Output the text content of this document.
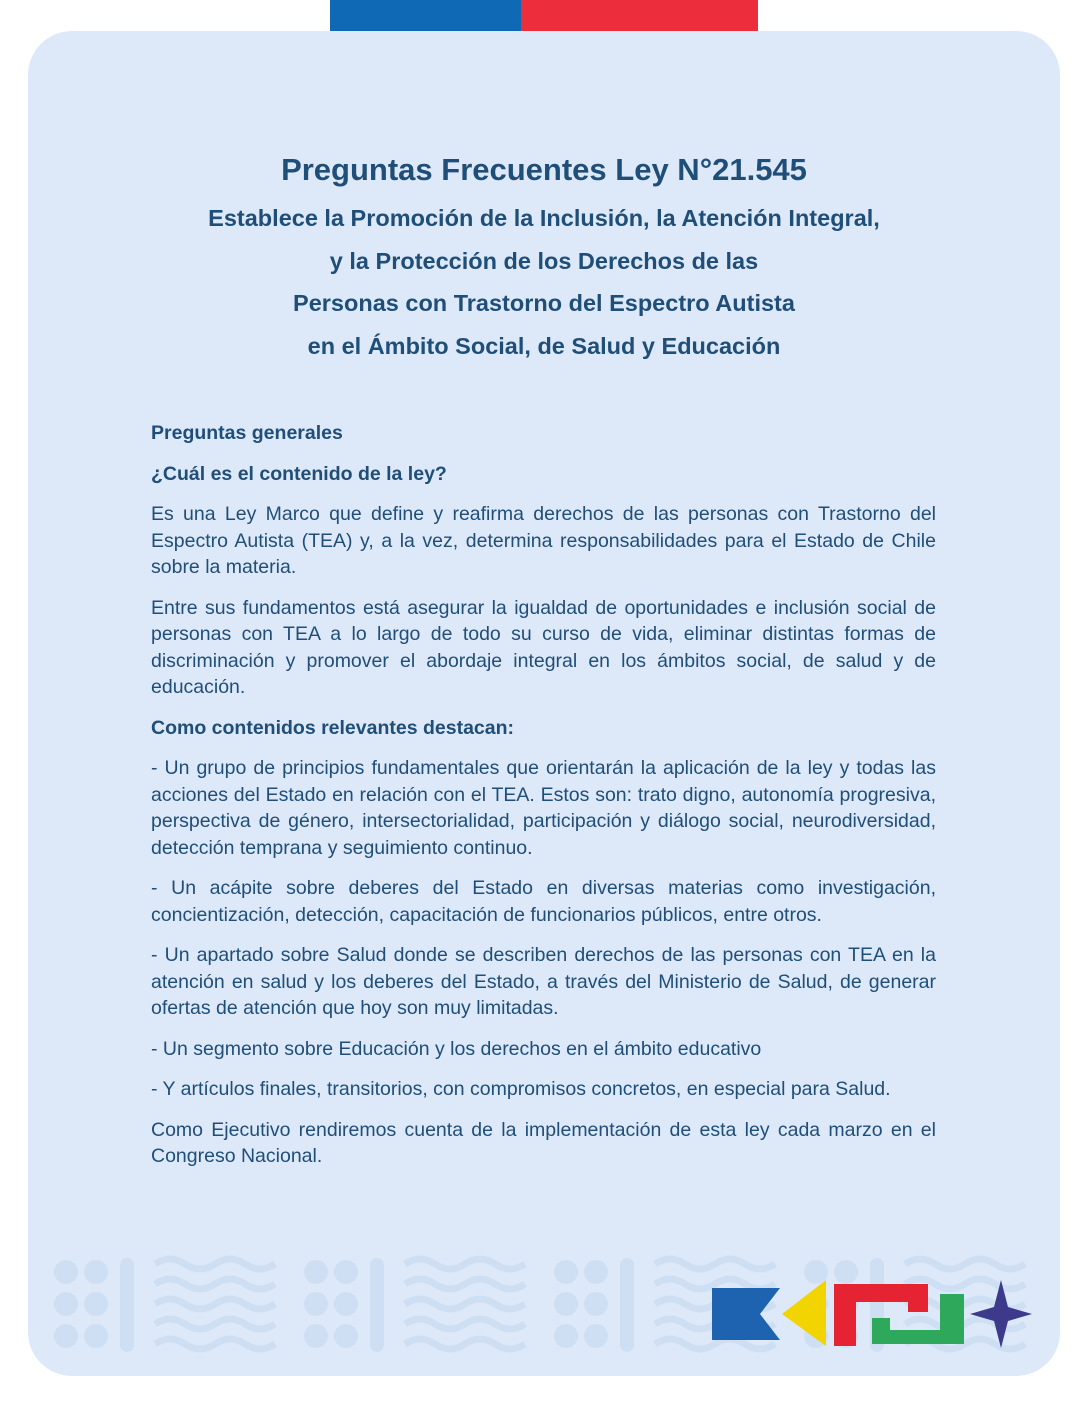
Preguntas Frecuentes Ley N°21.545
Establece la Promoción de la Inclusión, la Atención Integral,
y la Protección de los Derechos de las
Personas con Trastorno del Espectro Autista
en el Ámbito Social, de Salud y Educación

Preguntas generales

¿Cuál es el contenido de la ley?

Es una Ley Marco que define y reafirma derechos de las personas con Trastorno del Espectro Autista (TEA) y, a la vez, determina responsabilidades para el Estado de Chile sobre la materia.

Entre sus fundamentos está asegurar la igualdad de oportunidades e inclusión social de personas con TEA a lo largo de todo su curso de vida, eliminar distintas formas de discriminación y promover el abordaje integral en los ámbitos social, de salud y de educación.

Como contenidos relevantes destacan:

- Un grupo de principios fundamentales que orientarán la aplicación de la ley y todas las acciones del Estado en relación con el TEA. Estos son: trato digno, autonomía progresiva, perspectiva de género, intersectorialidad, participación y diálogo social, neurodiversidad, detección temprana y seguimiento continuo.

- Un acápite sobre deberes del Estado en diversas materias como investigación, concientización, detección, capacitación de funcionarios públicos, entre otros.

- Un apartado sobre Salud donde se describen derechos de las personas con TEA en la atención en salud y los deberes del Estado, a través del Ministerio de Salud, de generar ofertas de atención que hoy son muy limitadas.

- Un segmento sobre Educación y los derechos en el ámbito educativo

- Y artículos finales, transitorios, con compromisos concretos, en especial para Salud.

Como Ejecutivo rendiremos cuenta de la implementación de esta ley cada marzo en el Congreso Nacional.
